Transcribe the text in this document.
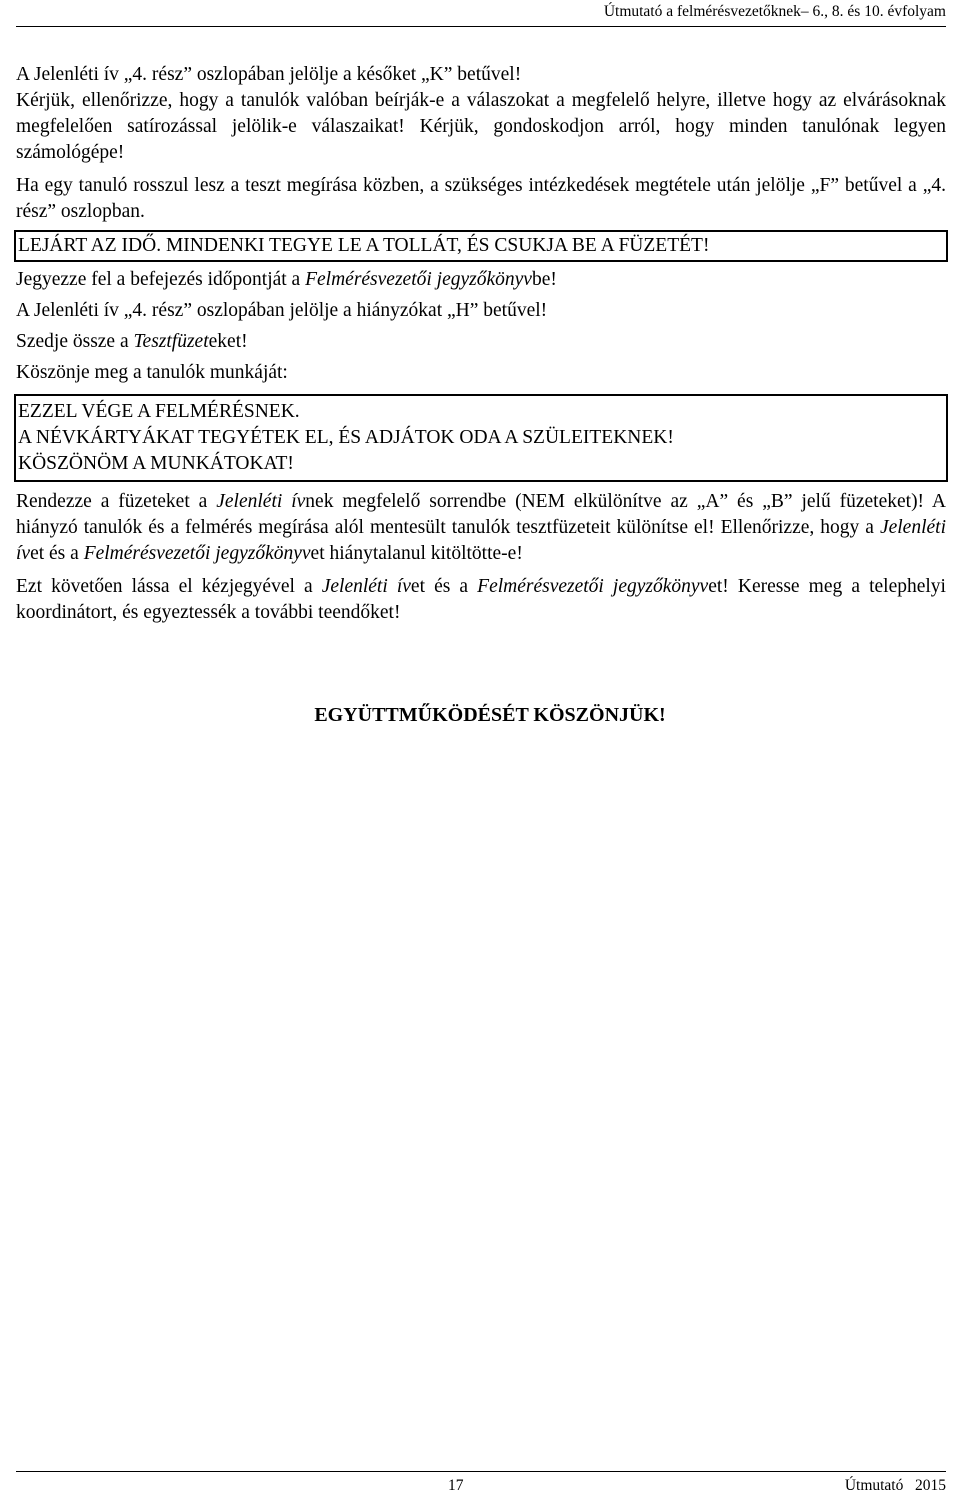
Útmutató a felmérésvezetőknek– 6., 8. és 10. évfolyam

A Jelenléti ív „4. rész” oszlopában jelölje a későket „K” betűvel!

Kérjük, ellenőrizze, hogy a tanulók valóban beírják-e a válaszokat a megfelelő helyre, illetve hogy az elvárásoknak megfelelően satírozással jelölik-e válaszaikat! Kérjük, gondoskodjon arról, hogy minden tanulónak legyen számológépe!

Ha egy tanuló rosszul lesz a teszt megírása közben, a szükséges intézkedések megtétele után jelölje „F” betűvel a „4. rész” oszlopban.

LEJÁRT AZ IDŐ. MINDENKI TEGYE LE A TOLLÁT, ÉS CSUKJA BE A FÜZETÉT!

Jegyezze fel a befejezés időpontját a Felmérésvezetői jegyzőkönyvbe!

A Jelenléti ív „4. rész” oszlopában jelölje a hiányzókat „H” betűvel!

Szedje össze a Tesztfüzeteket!

Köszönje meg a tanulók munkáját:

EZZEL VÉGE A FELMÉRÉSNEK.

A NÉVKÁRTYÁKAT TEGYÉTEK EL, ÉS ADJÁTOK ODA A SZÜLEITEKNEK!

KÖSZÖNÖM A MUNKÁTOKAT!

Rendezze a füzeteket a Jelenléti ívnek megfelelő sorrendbe (NEM elkülönítve az „A” és „B” jelű füzeteket)! A hiányzó tanulók és a felmérés megírása alól mentesült tanulók tesztfüzeteit különítse el! Ellenőrizze, hogy a Jelenléti ívet és a Felmérésvezetői jegyzőkönyvet hiánytalanul kitöltötte-e!

Ezt követően lássa el kézjegyével a Jelenléti ívet és a Felmérésvezetői jegyzőkönyvet! Keresse meg a telephelyi koordinátort, és egyeztessék a további teendőket!

EGYÜTTMŰKÖDÉSÉT KÖSZÖNJÜK!
17	Útmutató   2015
